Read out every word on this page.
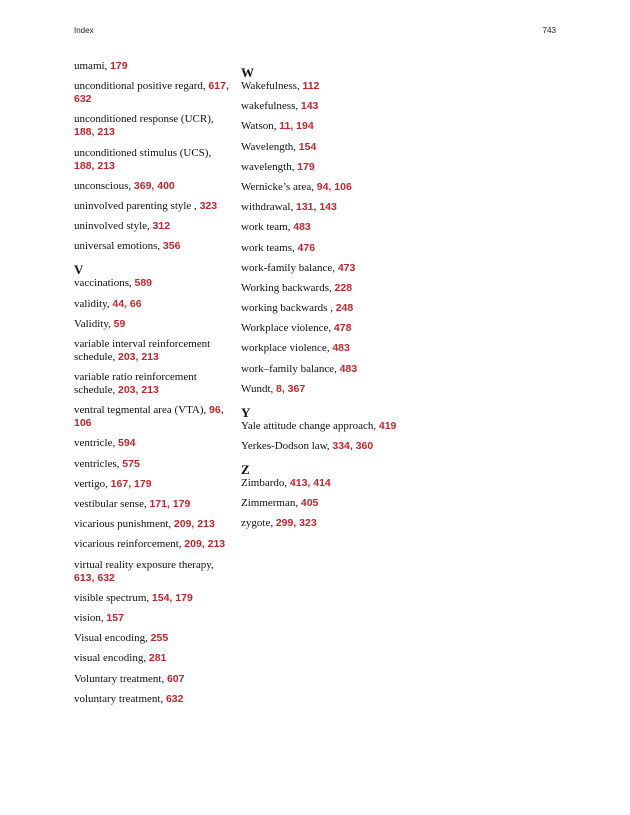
Index	743
umami, 179
unconditional positive regard, 617, 632
unconditioned response (UCR), 188, 213
unconditioned stimulus (UCS), 188, 213
unconscious, 369, 400
uninvolved parenting style , 323
uninvolved style, 312
universal emotions, 356
V
vaccinations, 589
validity, 44, 66
Validity, 59
variable interval reinforcement schedule, 203, 213
variable ratio reinforcement schedule, 203, 213
ventral tegmental area (VTA), 96, 106
ventricle, 594
ventricles, 575
vertigo, 167, 179
vestibular sense, 171, 179
vicarious punishment, 209, 213
vicarious reinforcement, 209, 213
virtual reality exposure therapy, 613, 632
visible spectrum, 154, 179
vision, 157
Visual encoding, 255
visual encoding, 281
Voluntary treatment, 607
voluntary treatment, 632
W
Wakefulness, 112
wakefulness, 143
Watson, 11, 194
Wavelength, 154
wavelength, 179
Wernicke’s area, 94, 106
withdrawal, 131, 143
work team, 483
work teams, 476
work-family balance, 473
Working backwards, 228
working backwards , 248
Workplace violence, 478
workplace violence, 483
work–family balance, 483
Wundt, 8, 367
Y
Yale attitude change approach, 419
Yerkes-Dodson law, 334, 360
Z
Zimbardo, 413, 414
Zimmerman, 405
zygote, 299, 323
